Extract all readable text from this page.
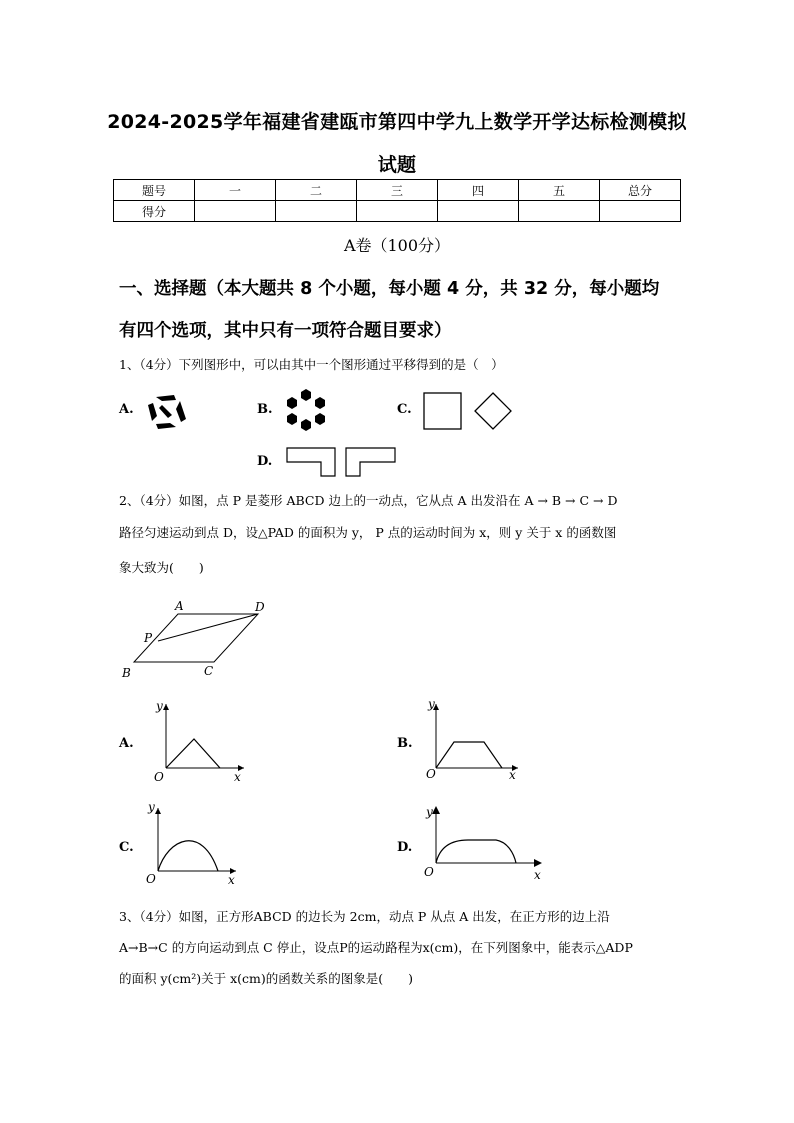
2024-2025学年福建省建瓯市第四中学九上数学开学达标检测模拟
试题
题号	一	二	三	四	五	总分
得分						
A卷（100分）
一、选择题（本大题共 8 个小题，每小题 4 分，共 32 分，每小题均
有四个选项，其中只有一项符合题目要求）
1、（4分）下列图形中，可以由其中一个图形通过平移得到的是（　）
A.	B.	C.
D.
2、（4分）如图，点 P 是菱形 ABCD 边上的一动点，它从点 A 出发沿在 A → B → C → D
路径匀速运动到点 D，设△PAD 的面积为 y， P 点的运动时间为 x，则 y 关于 x 的函数图
象大致为(　　)
A	D
P
B	C
A.
O	x
y
B.
O	x
y
C.
O	x
y
D.
O	x
y
3、（4分）如图，正方形ABCD 的边长为 2cm，动点 P 从点 A 出发，在正方形的边上沿
A→B→C 的方向运动到点 C 停止，设点P的运动路程为x(cm)，在下列图象中，能表示△ADP
的面积 y(cm²)关于 x(cm)的函数关系的图象是(　　)
